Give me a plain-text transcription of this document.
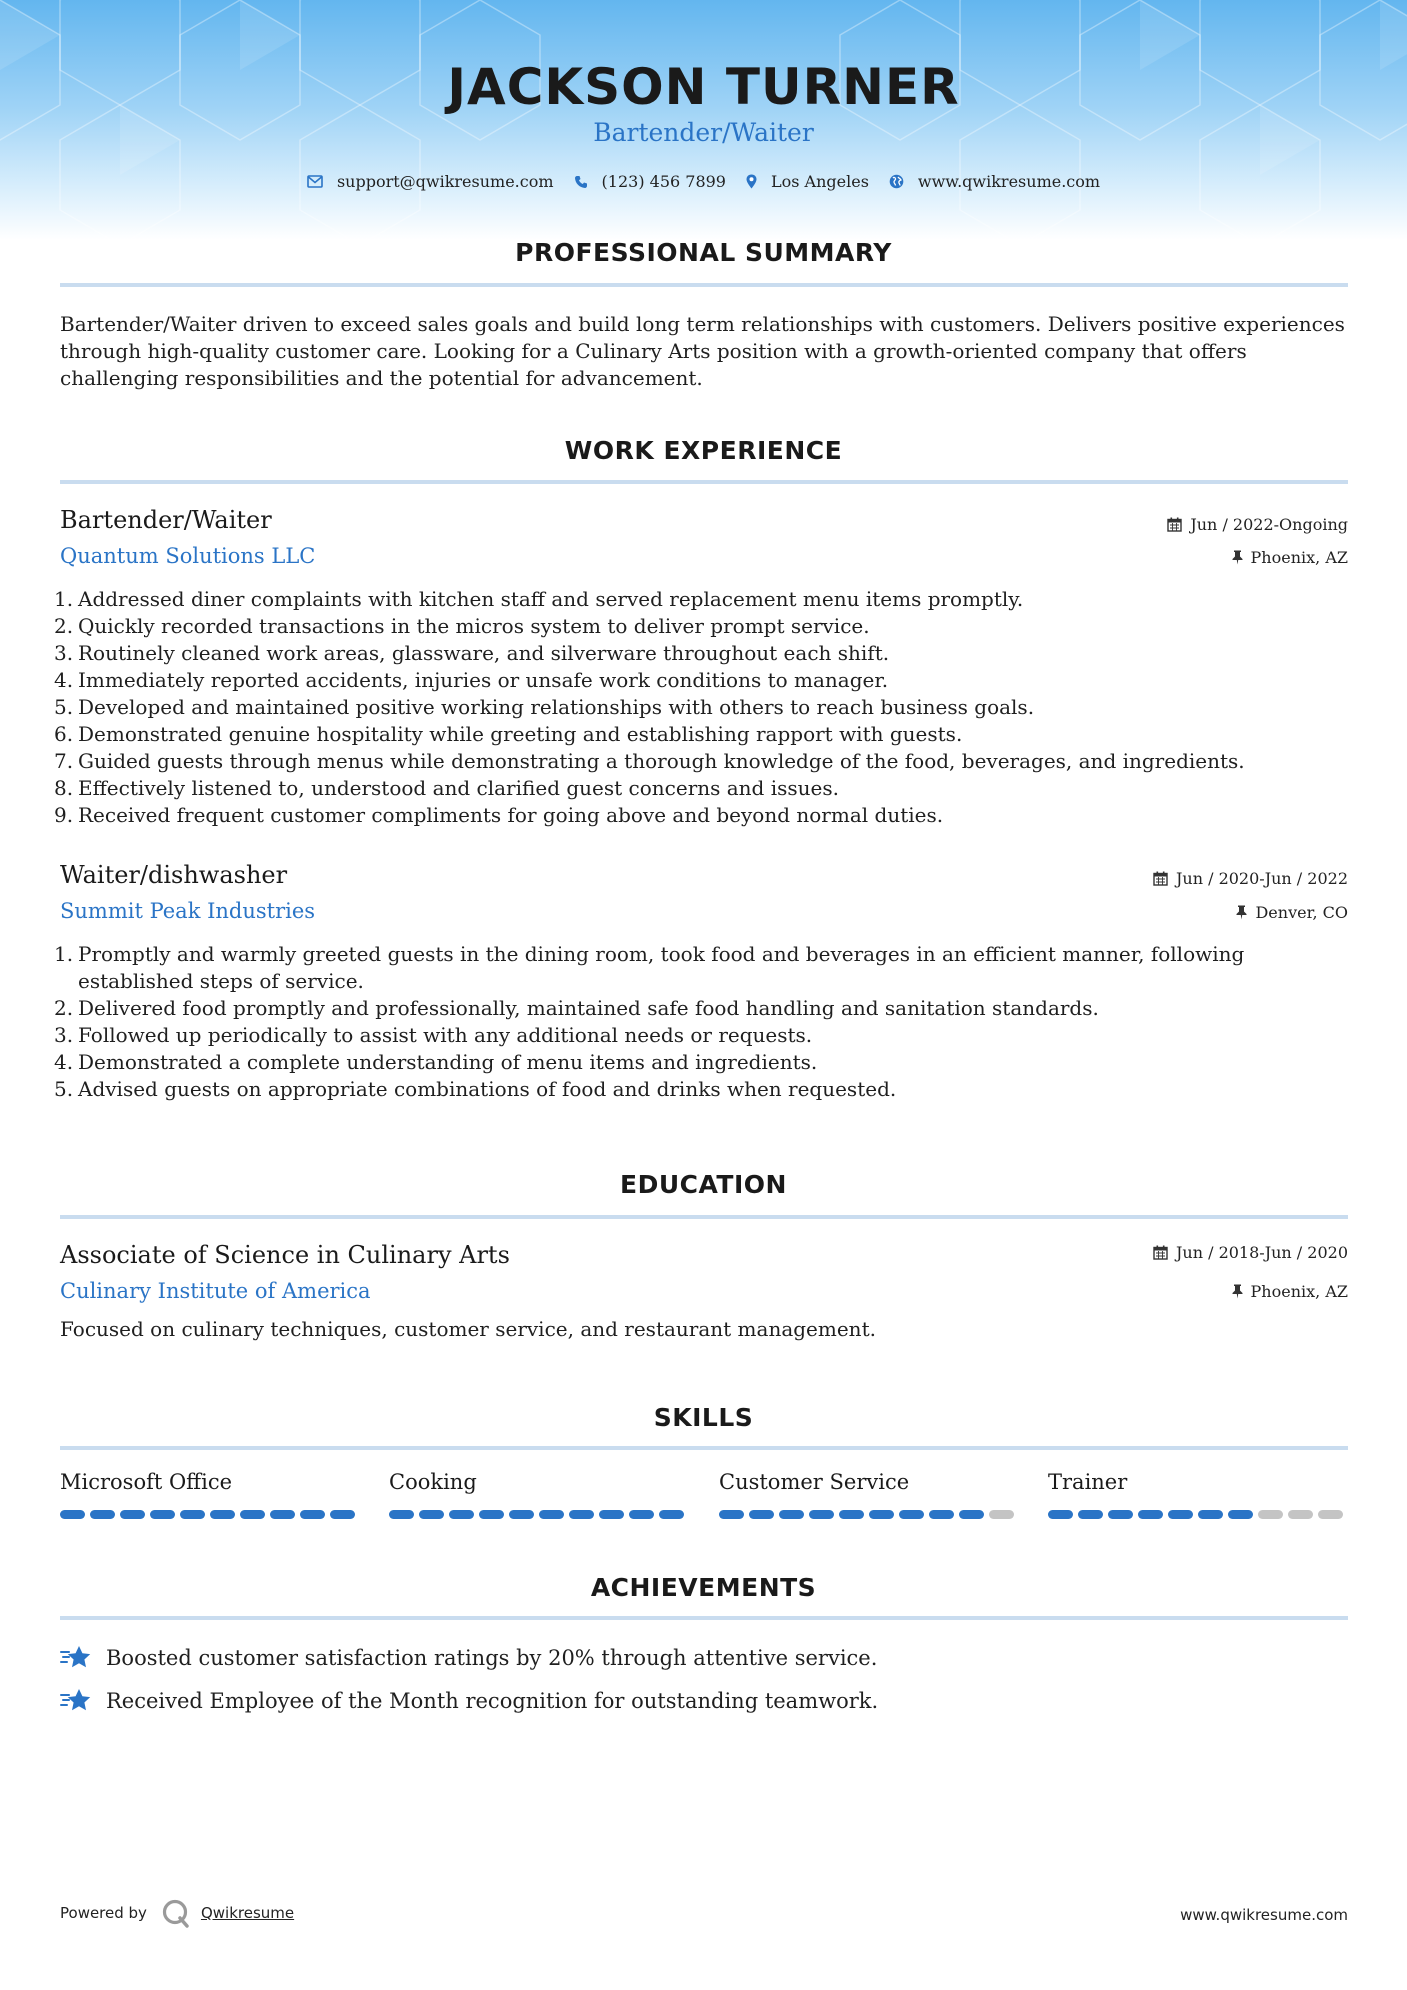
JACKSON TURNER
Bartender/Waiter
support@qwikresume.com	(123) 456 7899	Los Angeles	www.qwikresume.com
PROFESSIONAL SUMMARY
Bartender/Waiter driven to exceed sales goals and build long term relationships with customers. Delivers positive experiences through high-quality customer care. Looking for a Culinary Arts position with a growth-oriented company that offers challenging responsibilities and the potential for advancement.
WORK EXPERIENCE
Bartender/Waiter	Jun / 2022-Ongoing
Quantum Solutions LLC	Phoenix, AZ
1. Addressed diner complaints with kitchen staff and served replacement menu items promptly.
2. Quickly recorded transactions in the micros system to deliver prompt service.
3. Routinely cleaned work areas, glassware, and silverware throughout each shift.
4. Immediately reported accidents, injuries or unsafe work conditions to manager.
5. Developed and maintained positive working relationships with others to reach business goals.
6. Demonstrated genuine hospitality while greeting and establishing rapport with guests.
7. Guided guests through menus while demonstrating a thorough knowledge of the food, beverages, and ingredients.
8. Effectively listened to, understood and clarified guest concerns and issues.
9. Received frequent customer compliments for going above and beyond normal duties.
Waiter/dishwasher	Jun / 2020-Jun / 2022
Summit Peak Industries	Denver, CO
1. Promptly and warmly greeted guests in the dining room, took food and beverages in an efficient manner, following established steps of service.
2. Delivered food promptly and professionally, maintained safe food handling and sanitation standards.
3. Followed up periodically to assist with any additional needs or requests.
4. Demonstrated a complete understanding of menu items and ingredients.
5. Advised guests on appropriate combinations of food and drinks when requested.
EDUCATION
Associate of Science in Culinary Arts	Jun / 2018-Jun / 2020
Culinary Institute of America	Phoenix, AZ
Focused on culinary techniques, customer service, and restaurant management.
SKILLS
Microsoft Office	Cooking	Customer Service	Trainer
ACHIEVEMENTS
Boosted customer satisfaction ratings by 20% through attentive service.
Received Employee of the Month recognition for outstanding teamwork.
Powered by	Qwikresume	www.qwikresume.com
